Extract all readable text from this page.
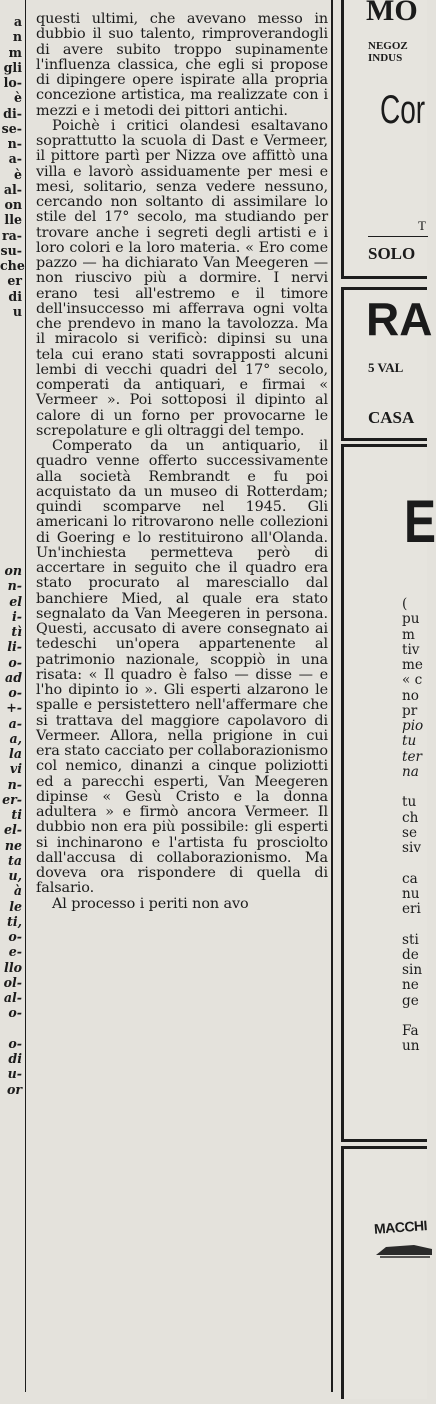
a
n
m
gli
lo-
è
di-
se-
n-
a-
è
al-
on
lle
ra-
su-
che
er
di
u

on
n-
el
i-
tì
li-
o-
ad
o-
+-
a-
a,
la
vi
n-
er-
ti
el-
ne
ta
u,
à
le
ti,
o-
e-
llo
ol-
al-
o-

o-
di
u-
or

questi ultimi, che avevano messo in dubbio il suo talento, rimproverandogli di avere subito troppo supinamente l'influenza classica, che egli si propose di dipingere opere ispirate alla propria concezione artistica, ma realizzate con i mezzi e i metodi dei pittori antichi.

Poichè i critici olandesi esaltavano soprattutto la scuola di Dast e Vermeer, il pittore partì per Nizza ove affittò una villa e lavorò assiduamente per mesi e mesi, solitario, senza vedere nessuno, cercando non soltanto di assimilare lo stile del 17° secolo, ma studiando per trovare anche i segreti degli artisti e i loro colori e la loro materia. « Ero come pazzo — ha dichiarato Van Meegeren — non riuscivo più a dormire. I nervi erano tesi all'estremo e il timore dell'insuccesso mi afferrava ogni volta che prendevo in mano la tavolozza. Ma il miracolo si verificò: dipinsi su una tela cui erano stati sovrapposti alcuni lembi di vecchi quadri del 17° secolo, comperati da antiquari, e firmai « Vermeer ». Poi sottoposi il dipinto al calore di un forno per provocarne le screpolature e gli oltraggi del tempo.

Comperato da un antiquario, il quadro venne offerto successivamente alla società Rembrandt e fu poi acquistato da un museo di Rotterdam; quindi scomparve nel 1945. Gli americani lo ritrovarono nelle collezioni di Goering e lo restituirono all'Olanda. Un'inchiesta permetteva però di accertare in seguito che il quadro era stato procurato al maresciallo dal banchiere Mied, al quale era stato segnalato da Van Meegeren in persona. Questi, accusato di avere consegnato ai tedeschi un'opera appartenente al patrimonio nazionale, scoppiò in una risata: « Il quadro è falso — disse — e l'ho dipinto io ». Gli esperti alzarono le spalle e persistettero nell'affermare che si trattava del maggiore capolavoro di Vermeer. Allora, nella prigione in cui era stato cacciato per collaborazionismo col nemico, dinanzi a cinque poliziotti ed a parecchi esperti, Van Meegeren dipinse « Gesù Cristo e la donna adultera » e firmò ancora Vermeer. Il dubbio non era più possibile: gli esperti si inchinarono e l'artista fu prosciolto dall'accusa di collaborazionismo. Ma doveva ora rispondere di quella di falsario.

Al processo i periti non avo

MO
NEGOZ
INDUS
Cor
T
SOLO
RA
5 VAL
CASA
E
(
pu
m
tiv
me
« c
no
pr
pio
tu
ter
na

tu
ch
se
siv

ca
nu
eri

sti
de
sin
ne
ge

Fa
un
MACCHI
